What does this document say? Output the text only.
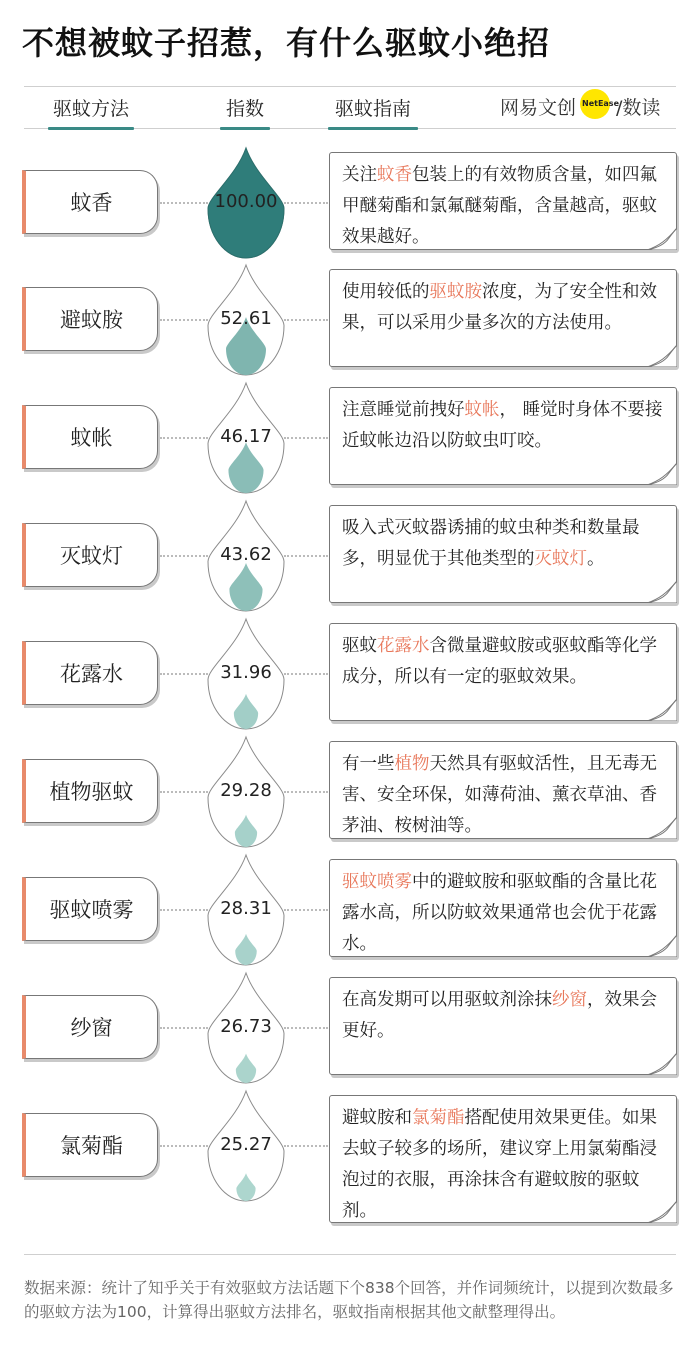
不想被蚊子招惹，有什么驱蚊小绝招
驱蚊方法	指数	驱蚊指南	NetEase
网易文创 /数读
蚊香	100.00
关注蚊香包装上的有效物质含量，如四氟甲醚菊酯和氯氟醚菊酯，含量越高，驱蚊效果越好。
避蚊胺	52.61
使用较低的驱蚊胺浓度，为了安全性和效果，可以采用少量多次的方法使用。
蚊帐	46.17
注意睡觉前拽好蚊帐， 睡觉时身体不要接近蚊帐边沿以防蚊虫叮咬。
灭蚊灯	43.62
吸入式灭蚊器诱捕的蚊虫种类和数量最多，明显优于其他类型的灭蚊灯。
花露水	31.96
驱蚊花露水含微量避蚊胺或驱蚊酯等化学成分，所以有一定的驱蚊效果。
植物驱蚊	29.28
有一些植物天然具有驱蚊活性，且无毒无害、安全环保，如薄荷油、薰衣草油、香茅油、桉树油等。
驱蚊喷雾	28.31
驱蚊喷雾中的避蚊胺和驱蚊酯的含量比花露水高，所以防蚊效果通常也会优于花露水。
纱窗	26.73
在高发期可以用驱蚊剂涂抹纱窗，效果会更好。
氯菊酯	25.27
避蚊胺和氯菊酯搭配使用效果更佳。如果去蚊子较多的场所，建议穿上用氯菊酯浸泡过的衣服，再涂抹含有避蚊胺的驱蚊剂。
数据来源：统计了知乎关于有效驱蚊方法话题下个838个回答，并作词频统计，以提到次数最多的驱蚊方法为100，计算得出驱蚊方法排名，驱蚊指南根据其他文献整理得出。
